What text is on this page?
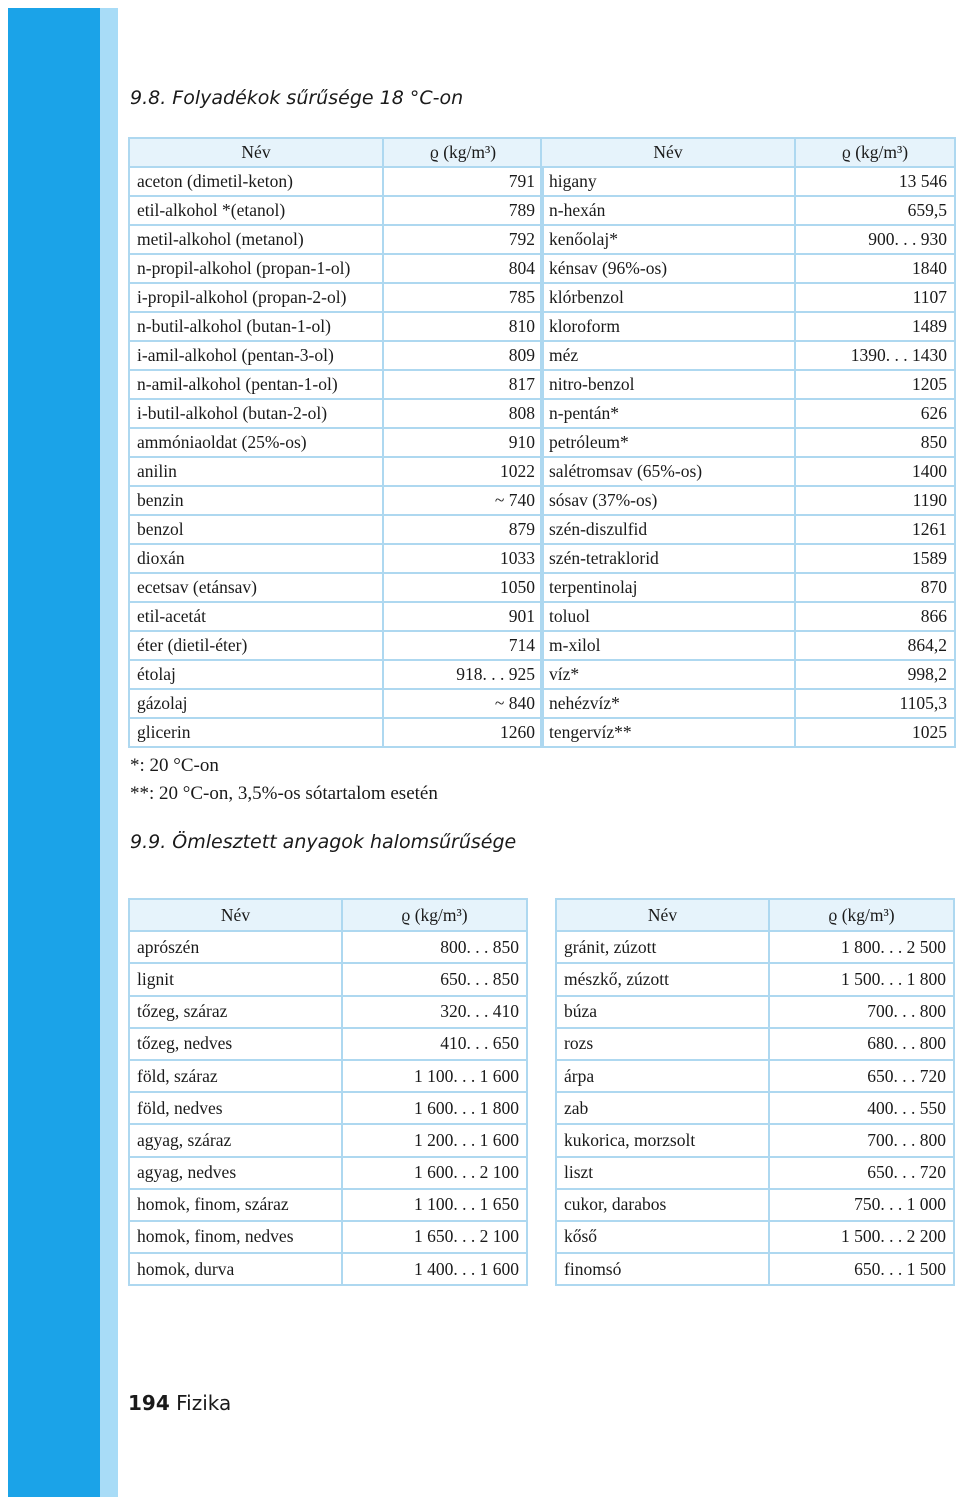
9.8. Folyadékok sűrűsége 18 °C-on
Név	ϱ (kg/m³)
aceton (dimetil-keton)	791
etil-alkohol *(etanol)	789
metil-alkohol (metanol)	792
n-propil-alkohol (propan-1-ol)	804
i-propil-alkohol (propan-2-ol)	785
n-butil-alkohol (butan-1-ol)	810
i-amil-alkohol (pentan-3-ol)	809
n-amil-alkohol (pentan-1-ol)	817
i-butil-alkohol (butan-2-ol)	808
ammóniaoldat (25%-os)	910
anilin	1022
benzin	~ 740
benzol	879
dioxán	1033
ecetsav (etánsav)	1050
etil-acetát	901
éter (dietil-éter)	714
étolaj	918. . . 925
gázolaj	~ 840
glicerin	1260
Név	ϱ (kg/m³)
higany	13 546
n-hexán	659,5
kenőolaj*	900. . . 930
kénsav (96%-os)	1840
klórbenzol	1107
kloroform	1489
méz	1390. . . 1430
nitro-benzol	1205
n-pentán*	626
petróleum*	850
salétromsav (65%-os)	1400
sósav (37%-os)	1190
szén-diszulfid	1261
szén-tetraklorid	1589
terpentinolaj	870
toluol	866
m-xilol	864,2
víz*	998,2
nehézvíz*	1105,3
tengervíz**	1025
*: 20 °C-on
**: 20 °C-on, 3,5%-os sótartalom esetén
9.9. Ömlesztett anyagok halomsűrűsége
Név	ϱ (kg/m³)
aprószén	800. . . 850
lignit	650. . . 850
tőzeg, száraz	320. . . 410
tőzeg, nedves	410. . . 650
föld, száraz	1 100. . . 1 600
föld, nedves	1 600. . . 1 800
agyag, száraz	1 200. . . 1 600
agyag, nedves	1 600. . . 2 100
homok, finom, száraz	1 100. . . 1 650
homok, finom, nedves	1 650. . . 2 100
homok, durva	1 400. . . 1 600
Név	ϱ (kg/m³)
gránit, zúzott	1 800. . . 2 500
mészkő, zúzott	1 500. . . 1 800
búza	700. . . 800
rozs	680. . . 800
árpa	650. . . 720
zab	400. . . 550
kukorica, morzsolt	700. . . 800
liszt	650. . . 720
cukor, darabos	750. . . 1 000
kőső	1 500. . . 2 200
finomsó	650. . . 1 500
194 Fizika
